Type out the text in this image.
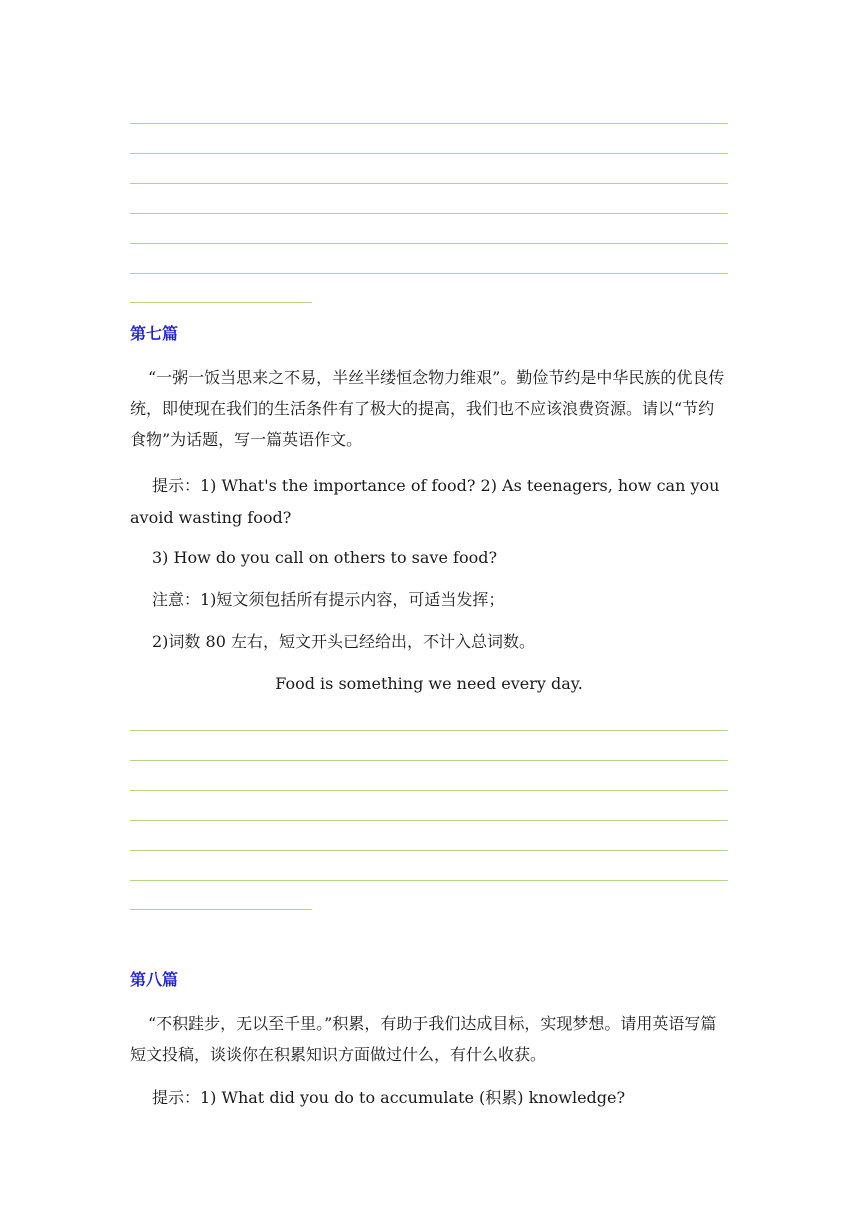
第七篇

“一粥一饭当思来之不易，半丝半缕恒念物力维艰”。勤俭节约是中华民族的优良传统，即使现在我们的生活条件有了极大的提高，我们也不应该浪费资源。请以“节约食物”为话题，写一篇英语作文。

提示：1) What's the importance of food? 2) As teenagers, how can you avoid wasting food?

3) How do you call on others to save food?

注意：1)短文须包括所有提示内容，可适当发挥；

2)词数 80 左右，短文开头已经给出，不计入总词数。

Food is something we need every day.

第八篇

“不积跬步，无以至千里。”积累，有助于我们达成目标，实现梦想。请用英语写篇短文投稿，谈谈你在积累知识方面做过什么，有什么收获。

提示：1) What did you do to accumulate (积累) knowledge?
